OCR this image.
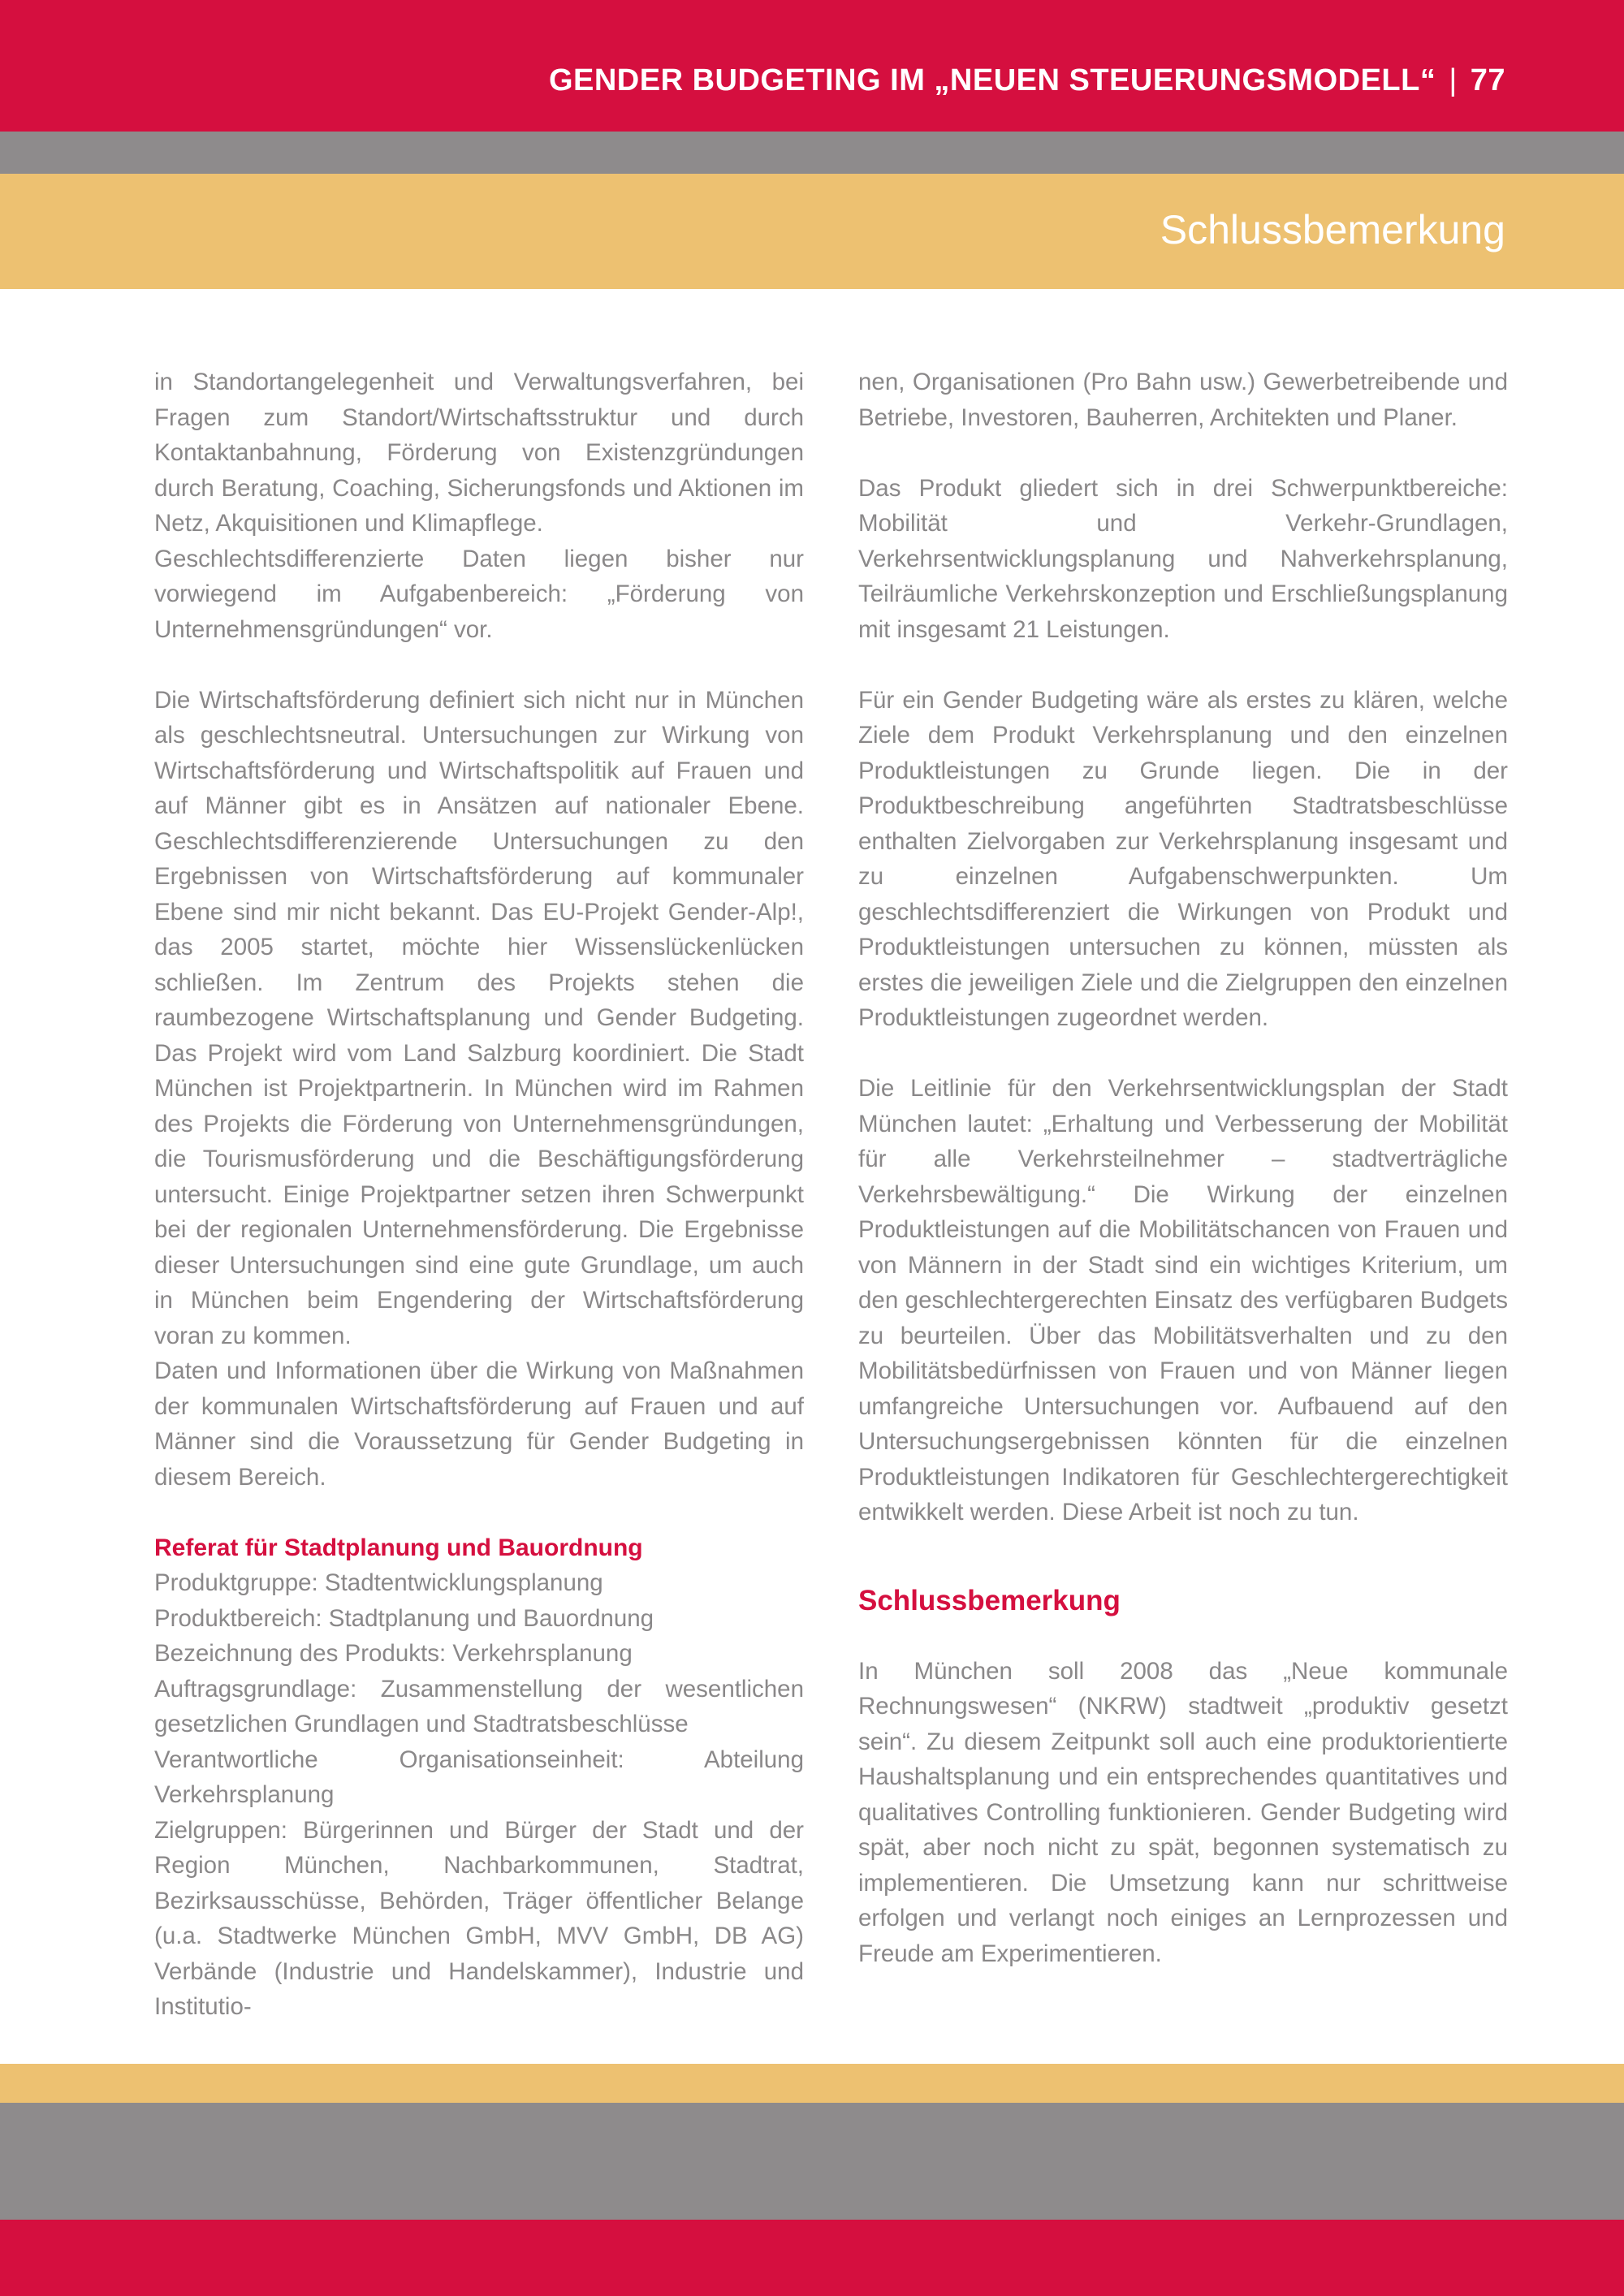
GENDER BUDGETING IM „NEUEN STEUERUNGSMODELL“ | 77
Schlussbemerkung

in Standortangelegenheit und Verwaltungsverfahren, bei Fragen zum Standort/Wirtschaftsstruktur und durch Kontaktanbahnung, Förderung von Existenzgründungen durch Beratung, Coaching, Sicherungsfonds und Aktionen im Netz, Akquisitionen und Klimapflege.

Geschlechtsdifferenzierte Daten liegen bisher nur vorwiegend im Aufgabenbereich: „Förderung von Unternehmensgründungen“ vor.

Die Wirtschaftsförderung definiert sich nicht nur in München als geschlechtsneutral. Untersuchungen zur Wirkung von Wirtschaftsförderung und Wirtschaftspolitik auf Frauen und auf Männer gibt es in Ansätzen auf nationaler Ebene. Geschlechtsdifferenzierende Untersuchungen zu den Ergebnissen von Wirtschaftsförderung auf kommunaler Ebene sind mir nicht bekannt. Das EU-Projekt Gender-Alp!, das 2005 startet, möchte hier Wissenslückenlücken schließen. Im Zentrum des Projekts stehen die raumbezogene Wirtschaftsplanung und Gender Budgeting. Das Projekt wird vom Land Salzburg koordiniert. Die Stadt München ist Projektpartnerin. In München wird im Rahmen des Projekts die Förderung von Unternehmensgründungen, die Tourismusförderung und die Beschäftigungsförderung untersucht. Einige Projektpartner setzen ihren Schwerpunkt bei der regionalen Unternehmensförderung. Die Ergebnisse dieser Untersuchungen sind eine gute Grundlage, um auch in München beim Engendering der Wirtschaftsförderung voran zu kommen.

Daten und Informationen über die Wirkung von Maßnahmen der kommunalen Wirtschaftsförderung auf Frauen und auf Männer sind die Voraussetzung für Gender Budgeting in diesem Bereich.

Referat für Stadtplanung und Bauordnung

Produktgruppe: Stadtentwicklungsplanung

Produktbereich: Stadtplanung und Bauordnung

Bezeichnung des Produkts: Verkehrsplanung

Auftragsgrundlage: Zusammenstellung der wesentlichen gesetzlichen Grundlagen und Stadtratsbeschlüsse

Verantwortliche Organisationseinheit: Abteilung Verkehrsplanung

Zielgruppen: Bürgerinnen und Bürger der Stadt und der Region München, Nachbarkommunen, Stadtrat, Bezirksausschüsse, Behörden, Träger öffentlicher Belange (u.a. Stadtwerke München GmbH, MVV GmbH, DB AG) Verbände (Industrie und Handelskammer), Industrie und Institutio-

nen, Organisationen (Pro Bahn usw.) Gewerbetreibende und Betriebe, Investoren, Bauherren, Architekten und Planer.

Das Produkt gliedert sich in drei Schwerpunktbereiche: Mobilität und Verkehr-Grundlagen, Verkehrsentwicklungsplanung und Nahverkehrsplanung, Teilräumliche Verkehrskonzeption und Erschließungsplanung mit insgesamt 21 Leistungen.

Für ein Gender Budgeting wäre als erstes zu klären, welche Ziele dem Produkt Verkehrsplanung und den einzelnen Produktleistungen zu Grunde liegen. Die in der Produktbeschreibung angeführten Stadtratsbeschlüsse enthalten Zielvorgaben zur Verkehrsplanung insgesamt und zu einzelnen Aufgabenschwerpunkten. Um geschlechtsdifferenziert die Wirkungen von Produkt und Produktleistungen untersuchen zu können, müssten als erstes die jeweiligen Ziele und die Zielgruppen den einzelnen Produktleistungen zugeordnet werden.

Die Leitlinie für den Verkehrsentwicklungsplan der Stadt München lautet: „Erhaltung und Verbesserung der Mobilität für alle Verkehrsteilnehmer – stadtverträgliche Verkehrsbewältigung.“ Die Wirkung der einzelnen Produktleistungen auf die Mobilitätschancen von Frauen und von Männern in der Stadt sind ein wichtiges Kriterium, um den geschlechtergerechten Einsatz des verfügbaren Budgets zu beurteilen. Über das Mobilitätsverhalten und zu den Mobilitätsbedürfnissen von Frauen und von Männer liegen umfangreiche Untersuchungen vor. Aufbauend auf den Untersuchungsergebnissen könnten für die einzelnen Produktleistungen Indikatoren für Geschlechtergerechtigkeit entwikkelt werden. Diese Arbeit ist noch zu tun.

Schlussbemerkung

In München soll 2008 das „Neue kommunale Rechnungswesen“ (NKRW) stadtweit „produktiv gesetzt sein“. Zu diesem Zeitpunkt soll auch eine produktorientierte Haushaltsplanung und ein entsprechendes quantitatives und qualitatives Controlling funktionieren. Gender Budgeting wird spät, aber noch nicht zu spät, begonnen systematisch zu implementieren. Die Umsetzung kann nur schrittweise erfolgen und verlangt noch einiges an Lernprozessen und Freude am Experimentieren.
